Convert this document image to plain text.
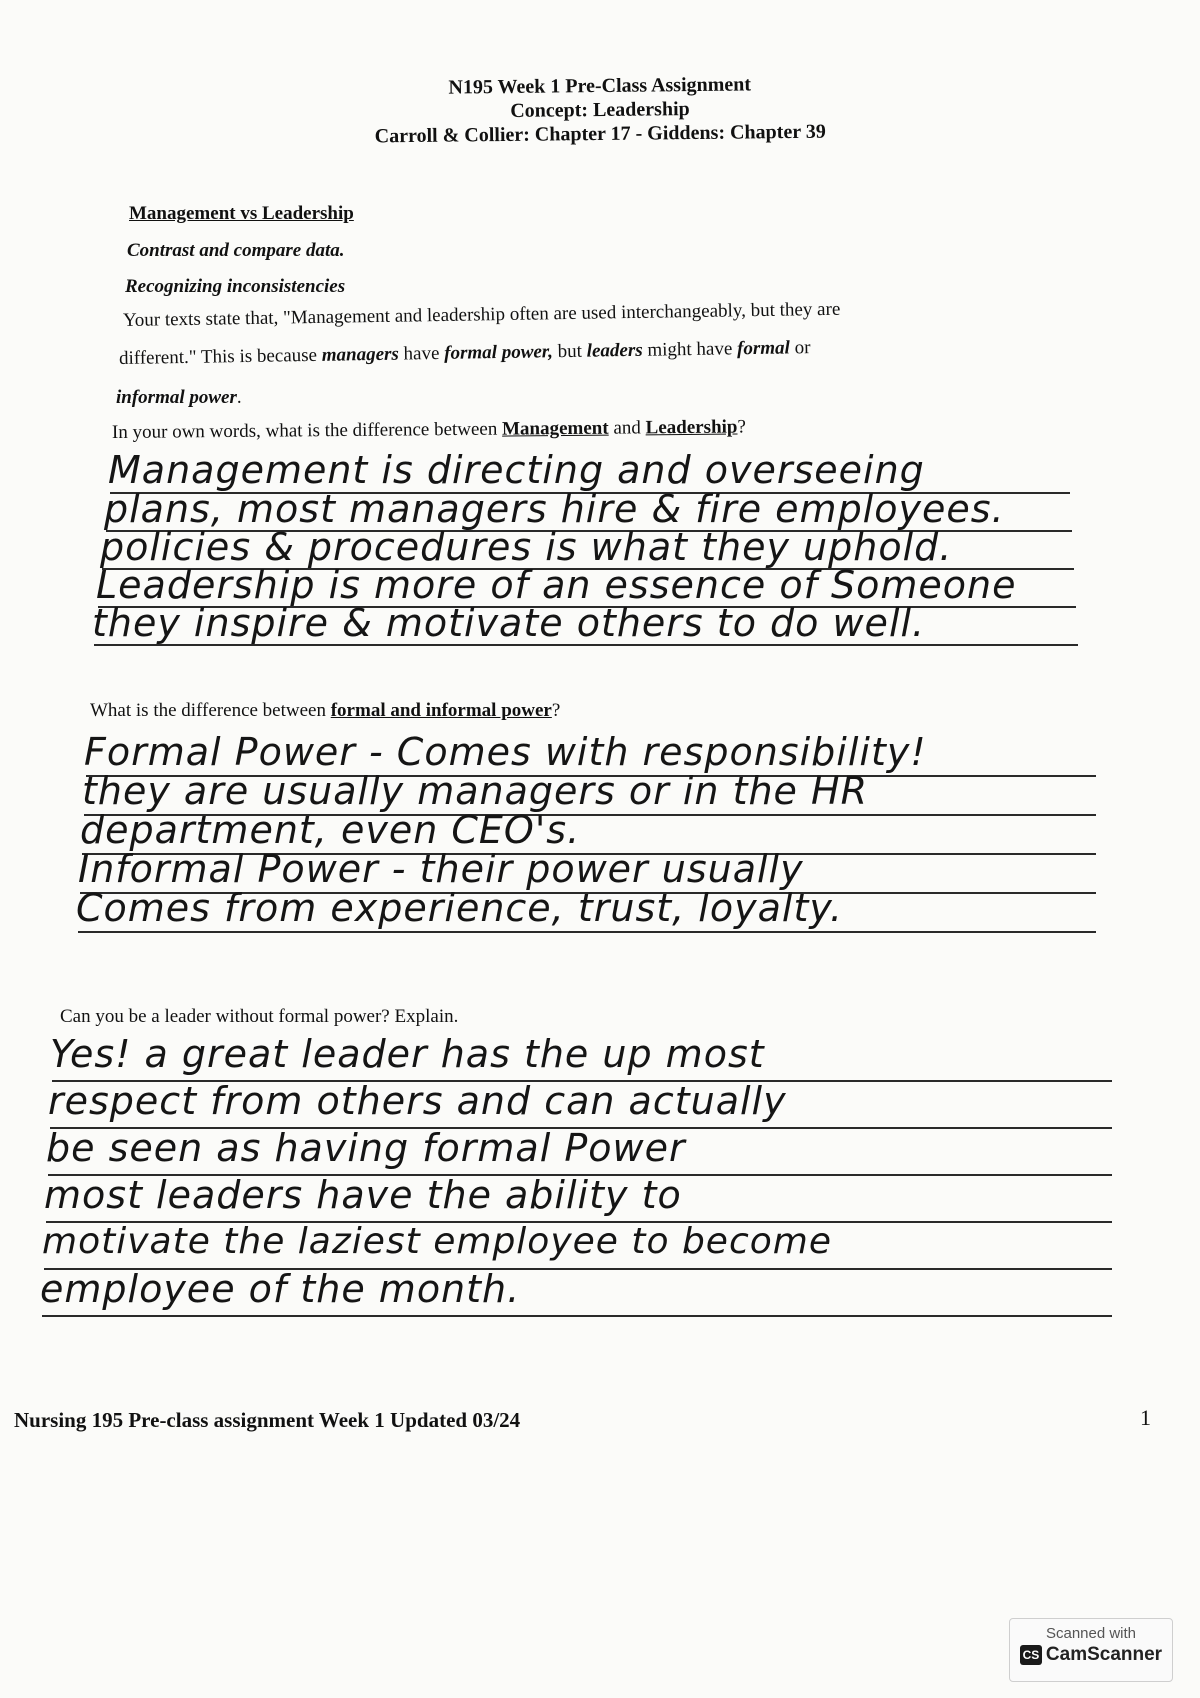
N195 Week 1 Pre-Class Assignment
Concept: Leadership
Carroll & Collier: Chapter 17 - Giddens: Chapter 39
Management vs Leadership
Contrast and compare data.
Recognizing inconsistencies
Your texts state that, "Management and leadership often are used interchangeably, but they are
different." This is because managers have formal power, but leaders might have formal or
informal power.
In your own words, what is the difference between Management and Leadership?
Management is directing and overseeing
plans, most managers hire & fire employees.
policies & procedures is what they uphold.
Leadership is more of an essence of Someone
they inspire & motivate others to do well.
What is the difference between formal and informal power?
Formal Power - Comes with responsibility!
they are usually managers or in the HR
department, even CEO's.
Informal Power - their power usually
Comes from experience, trust, loyalty.
Can you be a leader without formal power? Explain.
Yes! a great leader has the up most
respect from others and can actually
be seen as having formal Power
most leaders have the ability to
motivate the laziest employee to become
employee of the month.
Nursing 195 Pre-class assignment Week 1 Updated 03/24	1
Scanned with
CS CamScanner
